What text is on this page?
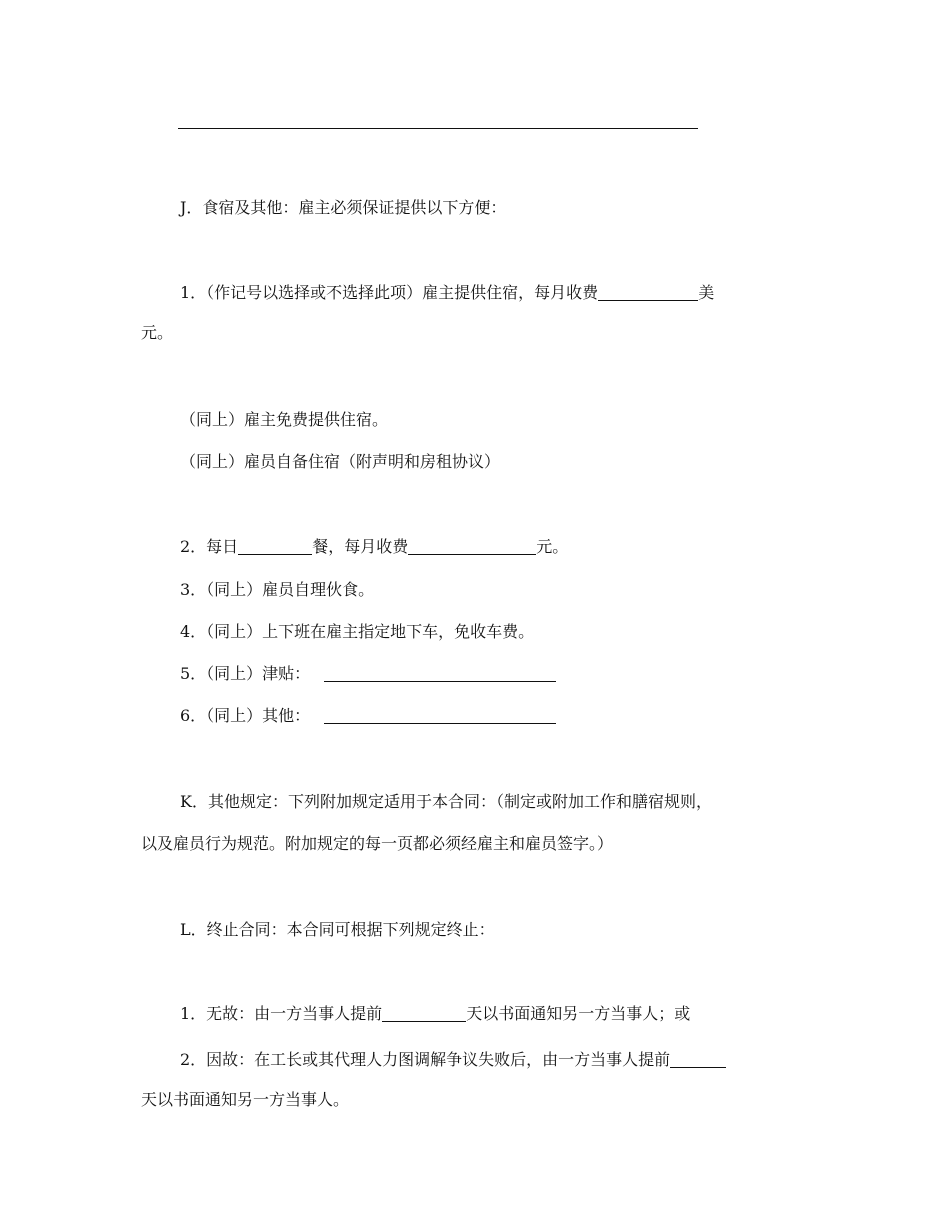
J．食宿及其他：雇主必须保证提供以下方便：
1．（作记号以选择或不选择此项）雇主提供住宿，每月收费	美
元。
（同上）雇主免费提供住宿。
（同上）雇员自备住宿（附声明和房租协议）
2．每日	餐，每月收费	元。
3．（同上）雇员自理伙食。
4．（同上）上下班在雇主指定地下车，免收车费。
5．（同上）津贴：
6．（同上）其他：
K．其他规定：下列附加规定适用于本合同：（制定或附加工作和膳宿规则，
以及雇员行为规范。附加规定的每一页都必须经雇主和雇员签字。）
L．终止合同：本合同可根据下列规定终止：
1．无故：由一方当事人提前	天以书面通知另一方当事人；或
2．因故：在工长或其代理人力图调解争议失败后，由一方当事人提前
天以书面通知另一方当事人。
